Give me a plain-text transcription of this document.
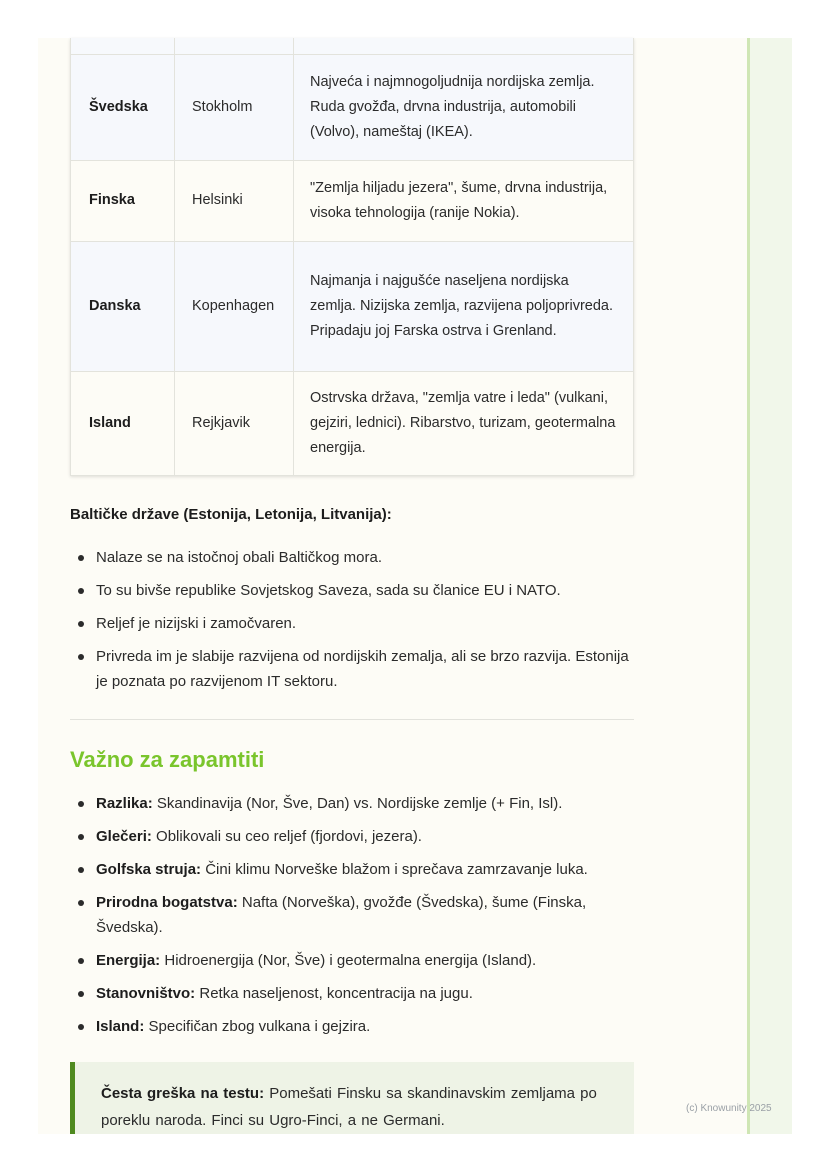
Švedska	Stokholm	Najveća i najmnogoljudnija nordijska zemlja. Ruda gvožđa, drvna industrija, automobili (Volvo), nameštaj (IKEA).
Finska	Helsinki	"Zemlja hiljadu jezera", šume, drvna industrija, visoka tehnologija (ranije Nokia).
Danska	Kopenhagen	Najmanja i najgušće naseljena nordijska zemlja. Nizijska zemlja, razvijena poljoprivreda. Pripadaju joj Farska ostrva i Grenland.
Island	Rejkjavik	Ostrvska država, "zemlja vatre i leda" (vulkani, gejziri, lednici). Ribarstvo, turizam, geotermalna energija.
Baltičke države (Estonija, Letonija, Litvanija):
Nalaze se na istočnoj obali Baltičkog mora.
To su bivše republike Sovjetskog Saveza, sada su članice EU i NATO.
Reljef je nizijski i zamočvaren.
Privreda im je slabije razvijena od nordijskih zemalja, ali se brzo razvija. Estonija je poznata po razvijenom IT sektoru.
Važno za zapamtiti
Razlika: Skandinavija (Nor, Šve, Dan) vs. Nordijske zemlje (+ Fin, Isl).
Glečeri: Oblikovali su ceo reljef (fjordovi, jezera).
Golfska struja: Čini klimu Norveške blažom i sprečava zamrzavanje luka.
Prirodna bogatstva: Nafta (Norveška), gvožđe (Švedska), šume (Finska, Švedska).
Energija: Hidroenergija (Nor, Šve) i geotermalna energija (Island).
Stanovništvo: Retka naseljenost, koncentracija na jugu.
Island: Specifičan zbog vulkana i gejzira.
Česta greška na testu: Pomešati Finsku sa skandinavskim zemljama po poreklu naroda. Finci su Ugro-Finci, a ne Germani.
(c) Knowunity 2025
